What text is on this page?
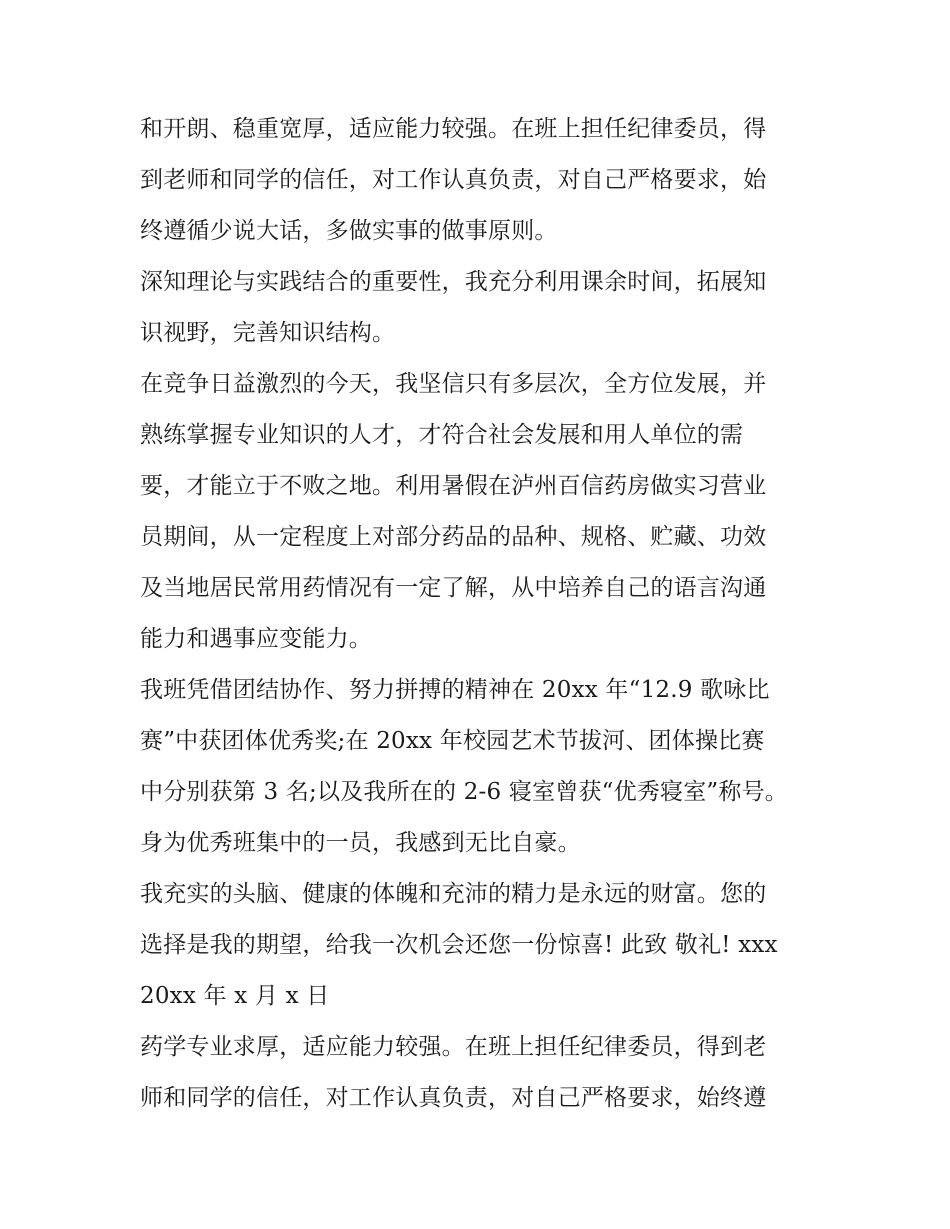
和开朗、稳重宽厚，适应能力较强。在班上担任纪律委员，得
到老师和同学的信任，对工作认真负责，对自己严格要求，始
终遵循少说大话，多做实事的做事原则。
深知理论与实践结合的重要性，我充分利用课余时间，拓展知
识视野，完善知识结构。
在竞争日益激烈的今天，我坚信只有多层次，全方位发展，并
熟练掌握专业知识的人才，才符合社会发展和用人单位的需
要，才能立于不败之地。利用暑假在泸州百信药房做实习营业
员期间，从一定程度上对部分药品的品种、规格、贮藏、功效
及当地居民常用药情况有一定了解，从中培养自己的语言沟通
能力和遇事应变能力。
我班凭借团结协作、努力拼搏的精神在 20xx 年“12.9 歌咏比
赛”中获团体优秀奖;在 20xx 年校园艺术节拔河、团体操比赛
中分别获第 3 名;以及我所在的 2-6 寝室曾获“优秀寝室”称号。
身为优秀班集中的一员，我感到无比自豪。
我充实的头脑、健康的体魄和充沛的精力是永远的财富。您的
选择是我的期望，给我一次机会还您一份惊喜! 此致 敬礼! xxx
20xx 年 x 月 x 日
药学专业求厚，适应能力较强。在班上担任纪律委员，得到老
师和同学的信任，对工作认真负责，对自己严格要求，始终遵
